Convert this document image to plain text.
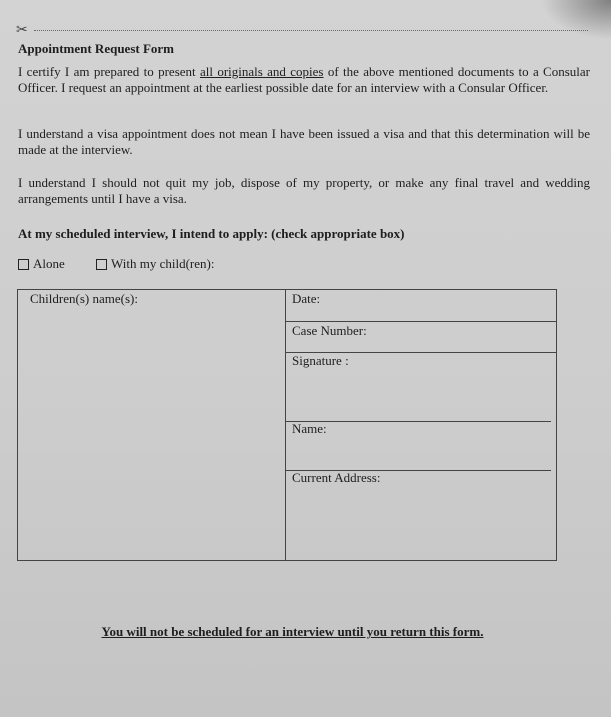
✂
Appointment Request Form
I certify I am prepared to present all originals and copies of the above mentioned documents to a Consular Officer. I request an appointment at the earliest possible date for an interview with a Consular Officer.
I understand a visa appointment does not mean I have been issued a visa and that this determination will be made at the interview.
I understand I should not quit my job, dispose of my property, or make any final travel and wedding arrangements until I have a visa.
At my scheduled interview, I intend to apply: (check appropriate box)
Alone	With my child(ren):
Children(s) name(s):	Date:
Case Number:
Signature :
Name:
Current Address:
You will not be scheduled for an interview until you return this form.
